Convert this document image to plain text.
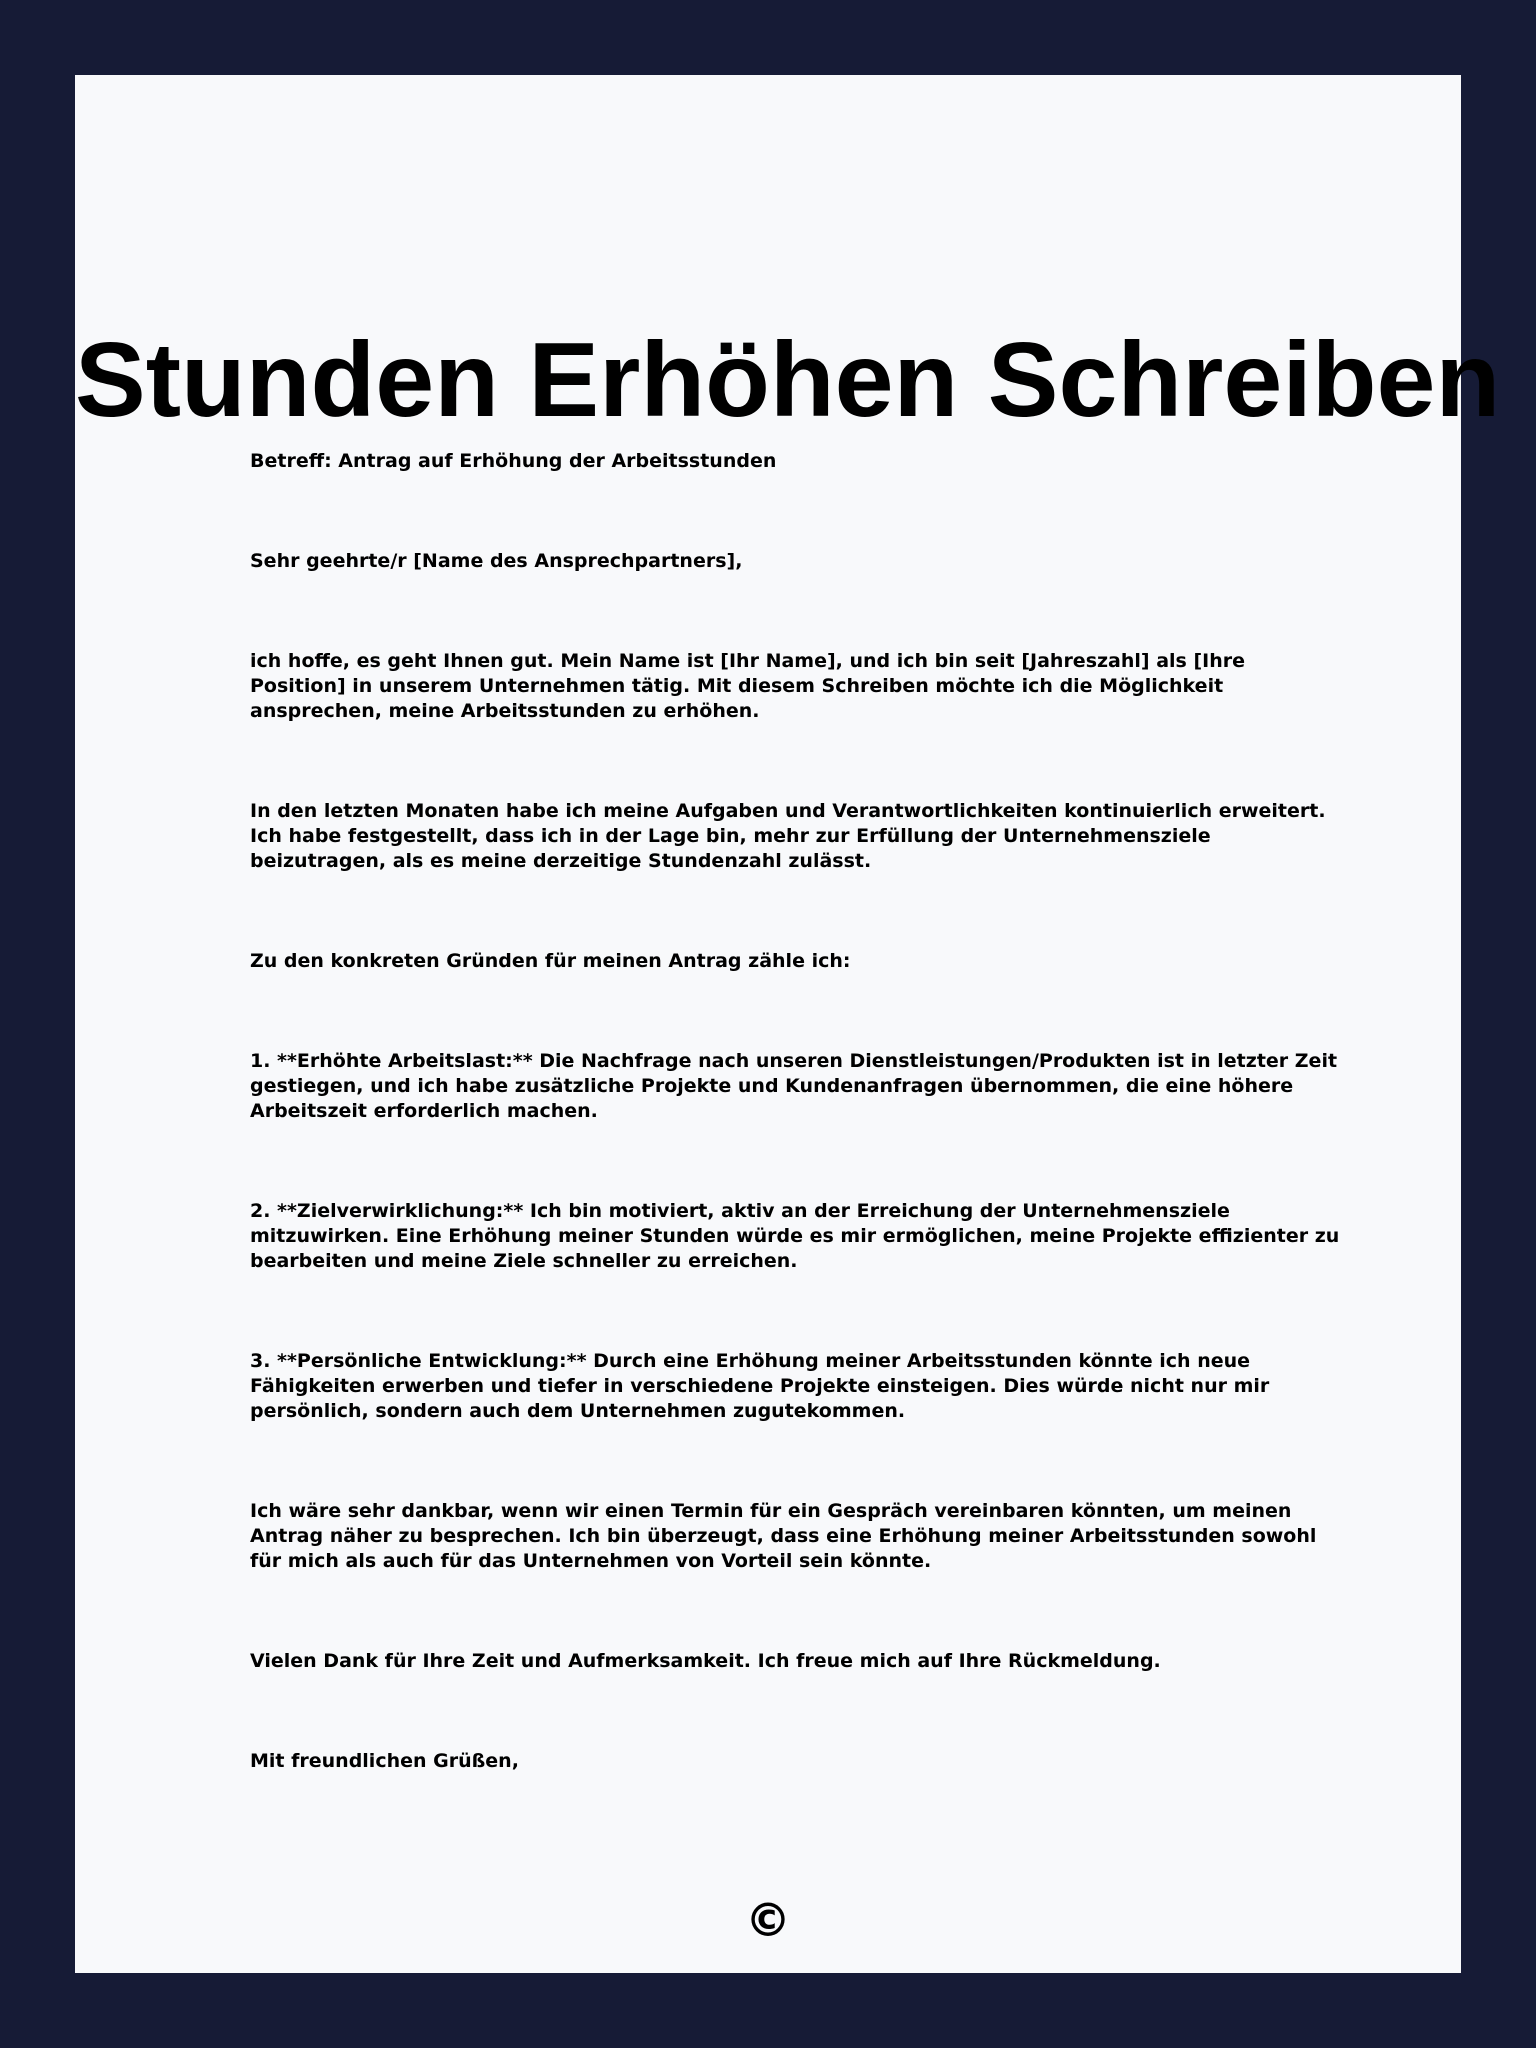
Stunden Erhöhen Schreiben

Betreff: Antrag auf Erhöhung der Arbeitsstunden

Sehr geehrte/r [Name des Ansprechpartners],

ich hoffe, es geht Ihnen gut. Mein Name ist [Ihr Name], und ich bin seit [Jahreszahl] als [Ihre Position] in unserem Unternehmen tätig. Mit diesem Schreiben möchte ich die Möglichkeit ansprechen, meine Arbeitsstunden zu erhöhen.

In den letzten Monaten habe ich meine Aufgaben und Verantwortlichkeiten kontinuierlich erweitert. Ich habe festgestellt, dass ich in der Lage bin, mehr zur Erfüllung der Unternehmensziele beizutragen, als es meine derzeitige Stundenzahl zulässt.

Zu den konkreten Gründen für meinen Antrag zähle ich:

1. **Erhöhte Arbeitslast:** Die Nachfrage nach unseren Dienstleistungen/Produkten ist in letzter Zeit gestiegen, und ich habe zusätzliche Projekte und Kundenanfragen übernommen, die eine höhere Arbeitszeit erforderlich machen.

2. **Zielverwirklichung:** Ich bin motiviert, aktiv an der Erreichung der Unternehmensziele mitzuwirken. Eine Erhöhung meiner Stunden würde es mir ermöglichen, meine Projekte effizienter zu bearbeiten und meine Ziele schneller zu erreichen.

3. **Persönliche Entwicklung:** Durch eine Erhöhung meiner Arbeitsstunden könnte ich neue Fähigkeiten erwerben und tiefer in verschiedene Projekte einsteigen. Dies würde nicht nur mir persönlich, sondern auch dem Unternehmen zugutekommen.

Ich wäre sehr dankbar, wenn wir einen Termin für ein Gespräch vereinbaren könnten, um meinen Antrag näher zu besprechen. Ich bin überzeugt, dass eine Erhöhung meiner Arbeitsstunden sowohl für mich als auch für das Unternehmen von Vorteil sein könnte.

Vielen Dank für Ihre Zeit und Aufmerksamkeit. Ich freue mich auf Ihre Rückmeldung.

Mit freundlichen Grüßen,

©
